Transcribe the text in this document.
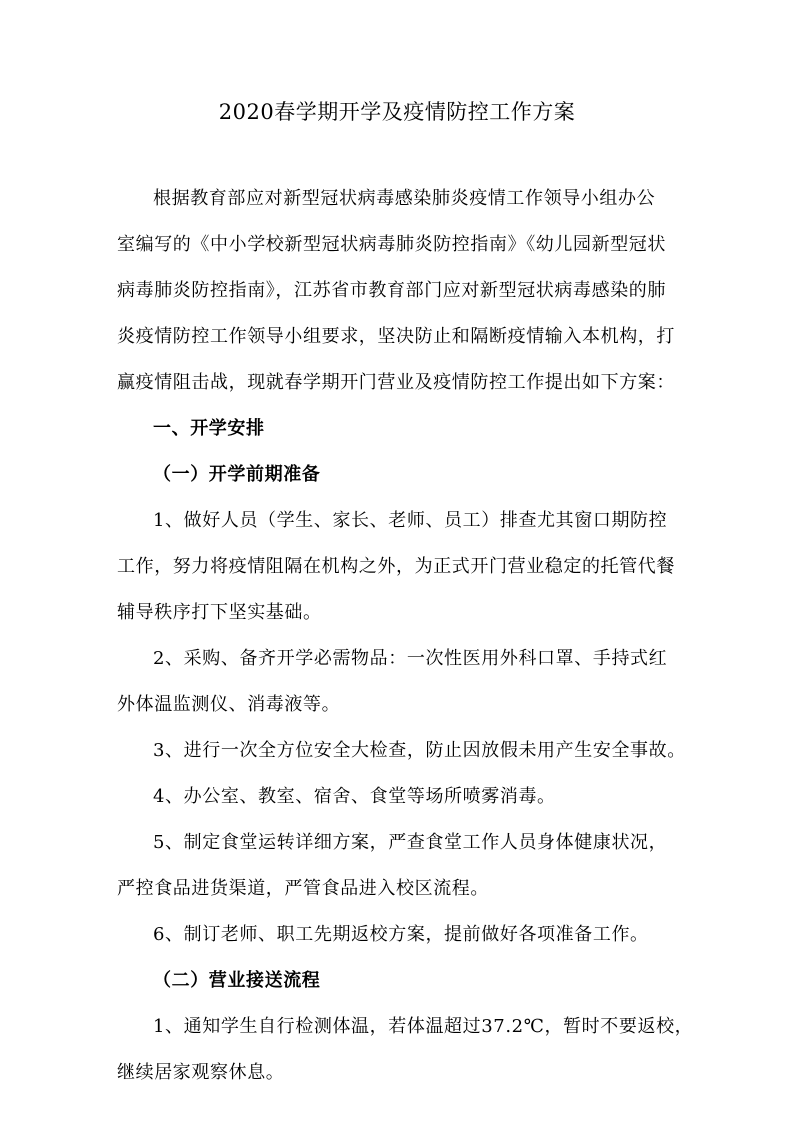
2020春学期开学及疫情防控工作方案
根据教育部应对新型冠状病毒感染肺炎疫情工作领导小组办公
室编写的《中小学校新型冠状病毒肺炎防控指南》《幼儿园新型冠状
病毒肺炎防控指南》，江苏省市教育部门应对新型冠状病毒感染的肺
炎疫情防控工作领导小组要求，坚决防止和隔断疫情输入本机构，打
赢疫情阻击战，现就春学期开门营业及疫情防控工作提出如下方案：
一、开学安排
（一）开学前期准备
1、做好人员（学生、家长、老师、员工）排查尤其窗口期防控
工作，努力将疫情阻隔在机构之外，为正式开门营业稳定的托管代餐
辅导秩序打下坚实基础。
2、采购、备齐开学必需物品：一次性医用外科口罩、手持式红
外体温监测仪、消毒液等。
3、进行一次全方位安全大检查，防止因放假未用产生安全事故。
4、办公室、教室、宿舍、食堂等场所喷雾消毒。
5、制定食堂运转详细方案，严查食堂工作人员身体健康状况，
严控食品进货渠道，严管食品进入校区流程。
6、制订老师、职工先期返校方案，提前做好各项准备工作。
（二）营业接送流程
1、通知学生自行检测体温，若体温超过37.2℃，暂时不要返校，
继续居家观察休息。
